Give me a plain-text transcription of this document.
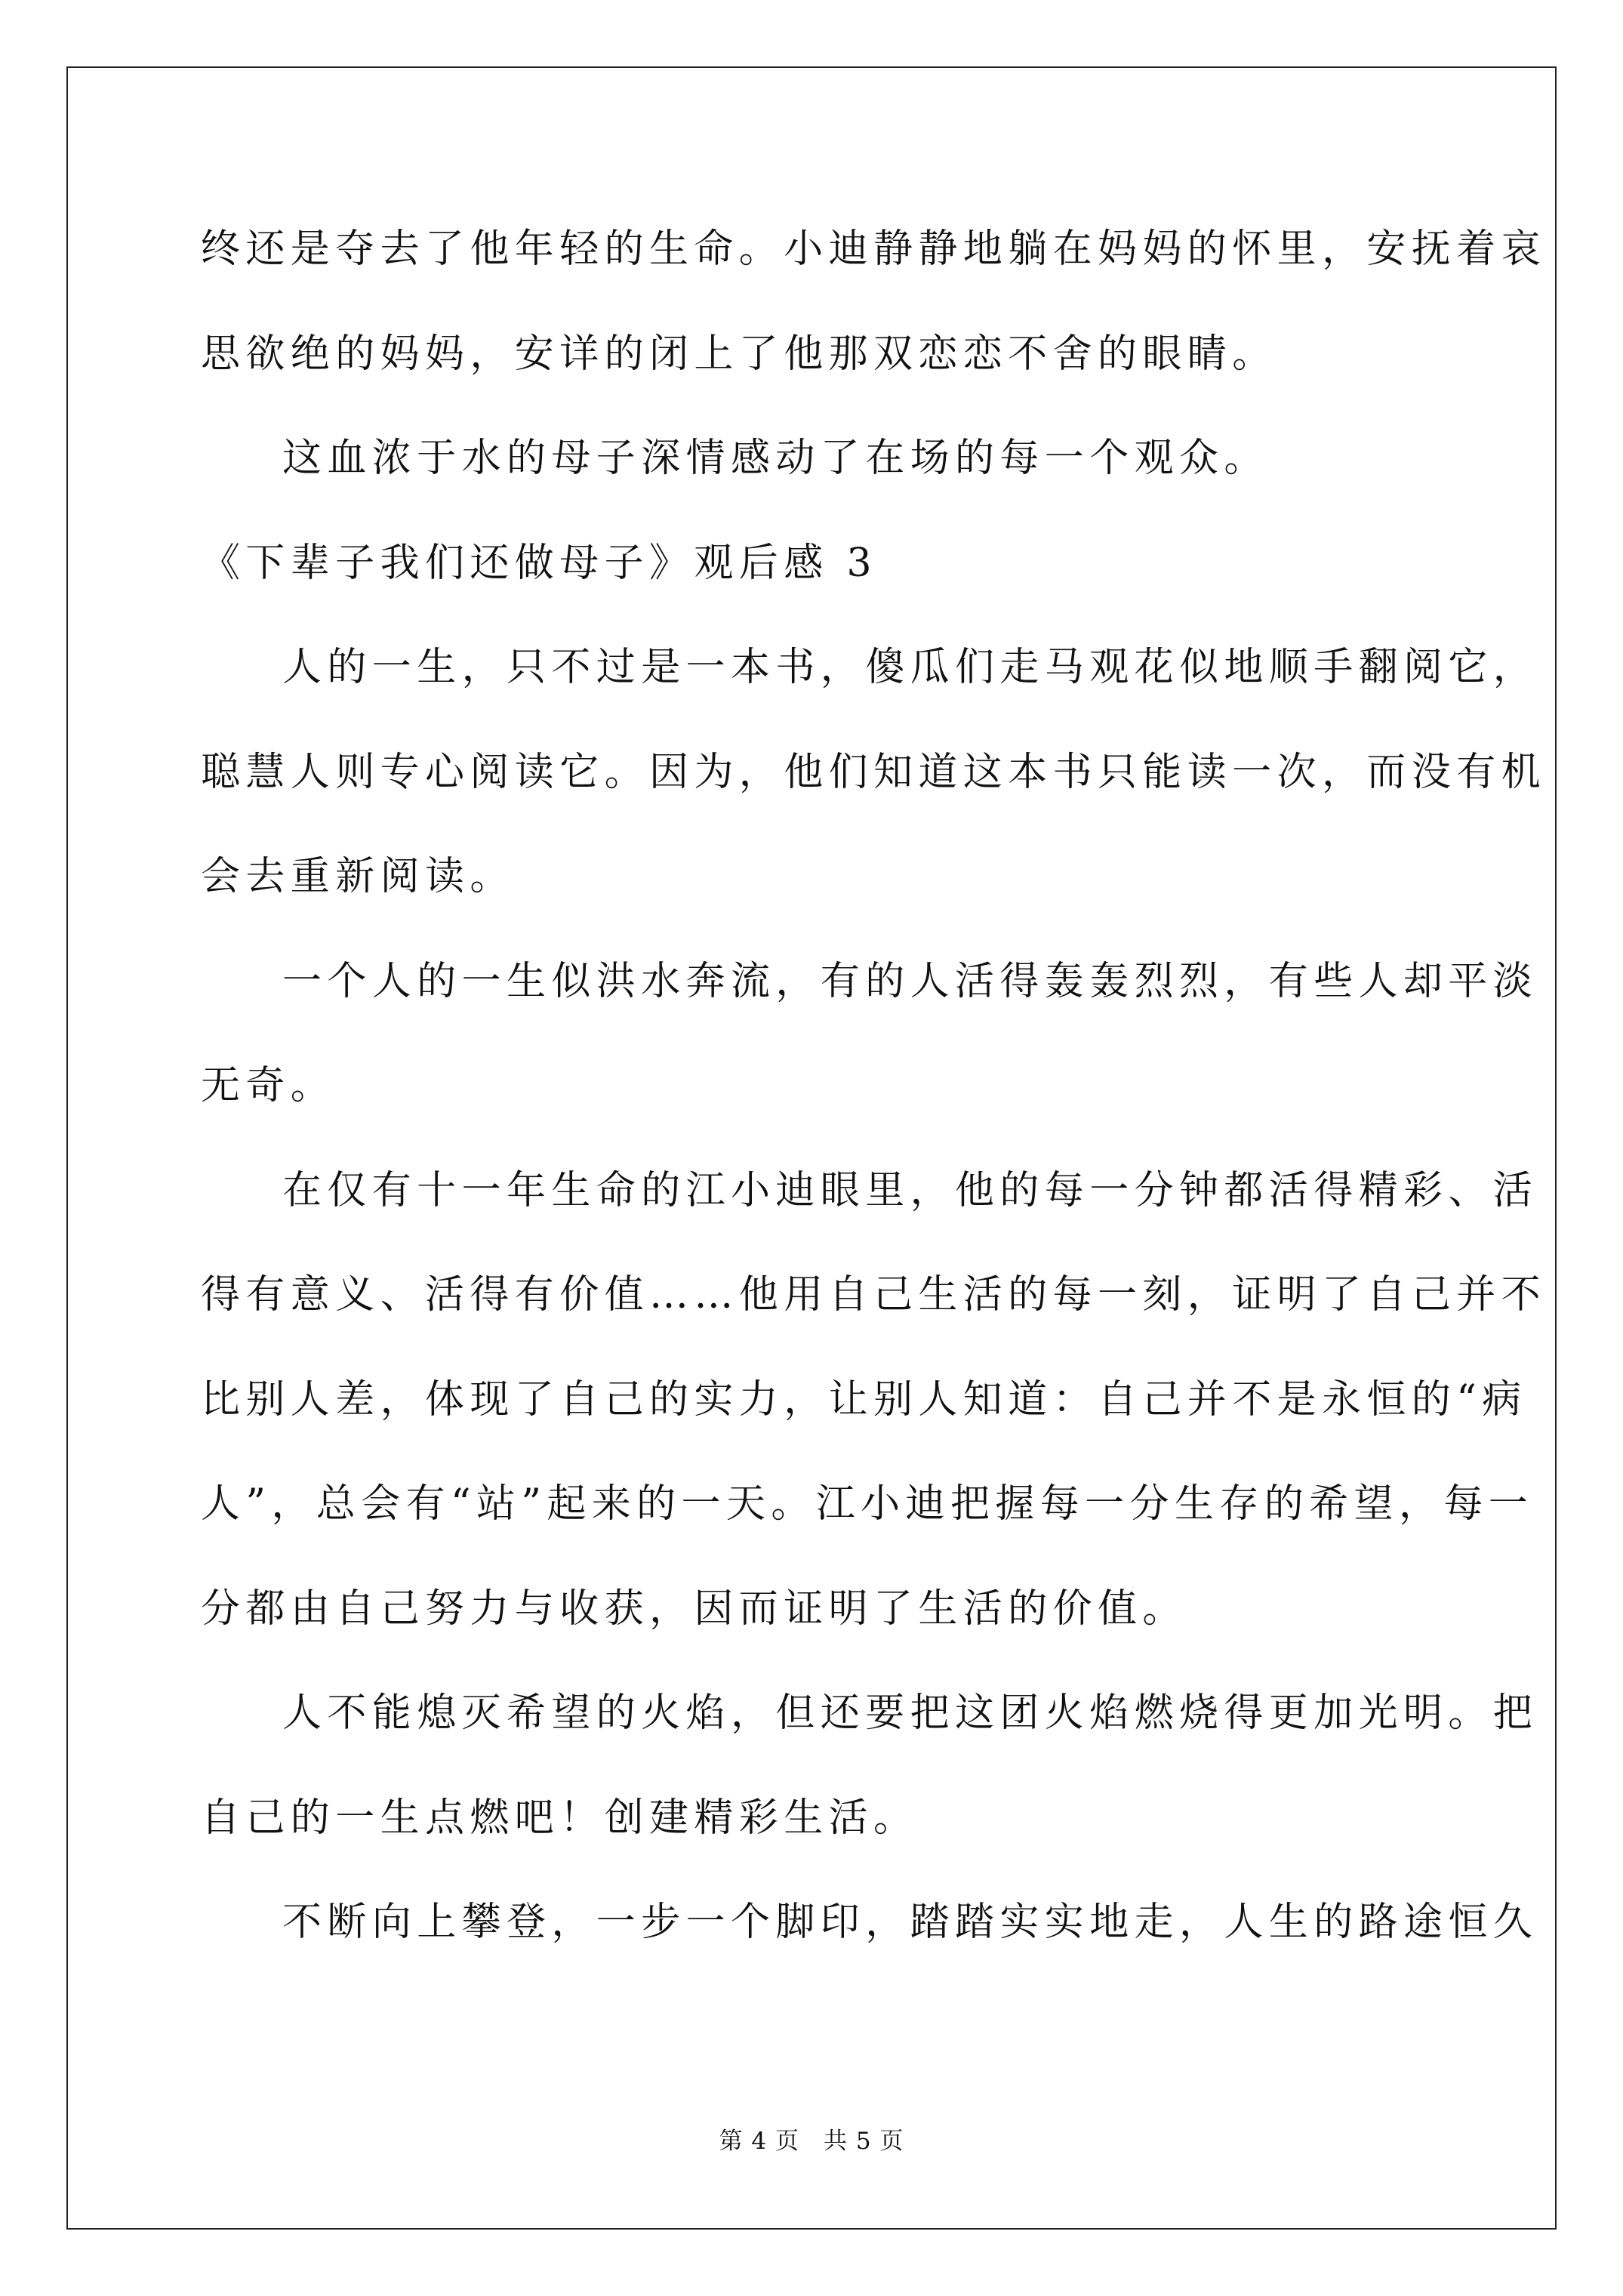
终还是夺去了他年轻的生命。小迪静静地躺在妈妈的怀里，安抚着哀
思欲绝的妈妈，安详的闭上了他那双恋恋不舍的眼睛。
这血浓于水的母子深情感动了在场的每一个观众。
《下辈子我们还做母子》观后感 3
人的一生，只不过是一本书，傻瓜们走马观花似地顺手翻阅它，
聪慧人则专心阅读它。因为，他们知道这本书只能读一次，而没有机
会去重新阅读。
一个人的一生似洪水奔流，有的人活得轰轰烈烈，有些人却平淡
无奇。
在仅有十一年生命的江小迪眼里，他的每一分钟都活得精彩、活
得有意义、活得有价值……他用自己生活的每一刻，证明了自己并不
比别人差，体现了自己的实力，让别人知道：自己并不是永恒的“病
人”，总会有“站”起来的一天。江小迪把握每一分生存的希望，每一
分都由自己努力与收获，因而证明了生活的价值。
人不能熄灭希望的火焰，但还要把这团火焰燃烧得更加光明。把
自己的一生点燃吧！创建精彩生活。
不断向上攀登，一步一个脚印，踏踏实实地走，人生的路途恒久
第 4 页　共 5 页
